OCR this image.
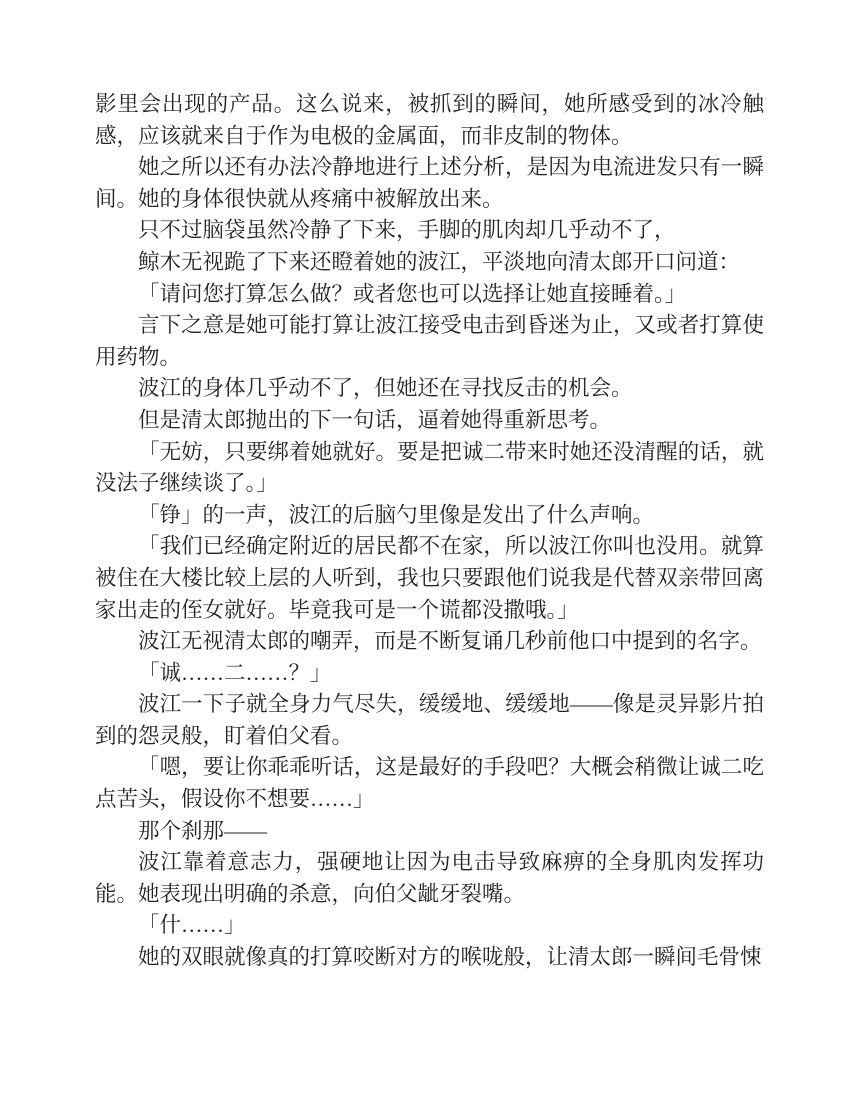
影里会出现的产品。这么说来，被抓到的瞬间，她所感受到的冰冷触感，应该就来自于作为电极的金属面，而非皮制的物体。

她之所以还有办法冷静地进行上述分析，是因为电流进发只有一瞬间。她的身体很快就从疼痛中被解放出来。

只不过脑袋虽然冷静了下来，手脚的肌肉却几乎动不了，

鲸木无视跪了下来还瞪着她的波江，平淡地向清太郎开口问道：

「请问您打算怎么做？或者您也可以选择让她直接睡着。」

言下之意是她可能打算让波江接受电击到昏迷为止，又或者打算使用药物。

波江的身体几乎动不了，但她还在寻找反击的机会。

但是清太郎抛出的下一句话，逼着她得重新思考。

「无妨，只要绑着她就好。要是把诚二带来时她还没清醒的话，就没法子继续谈了。」

「铮」的一声，波江的后脑勺里像是发出了什么声响。

「我们已经确定附近的居民都不在家，所以波江你叫也没用。就算被住在大楼比较上层的人听到，我也只要跟他们说我是代替双亲带回离家出走的侄女就好。毕竟我可是一个谎都没撒哦。」

波江无视清太郎的嘲弄，而是不断复诵几秒前他口中提到的名字。

「诚……二……？」

波江一下子就全身力气尽失，缓缓地、缓缓地——像是灵异影片拍到的怨灵般，盯着伯父看。

「嗯，要让你乖乖听话，这是最好的手段吧？大概会稍微让诚二吃点苦头，假设你不想要……」

那个刹那——

波江靠着意志力，强硬地让因为电击导致麻痹的全身肌肉发挥功能。她表现出明确的杀意，向伯父龇牙裂嘴。

「什……」

她的双眼就像真的打算咬断对方的喉咙般，让清太郎一瞬间毛骨悚
